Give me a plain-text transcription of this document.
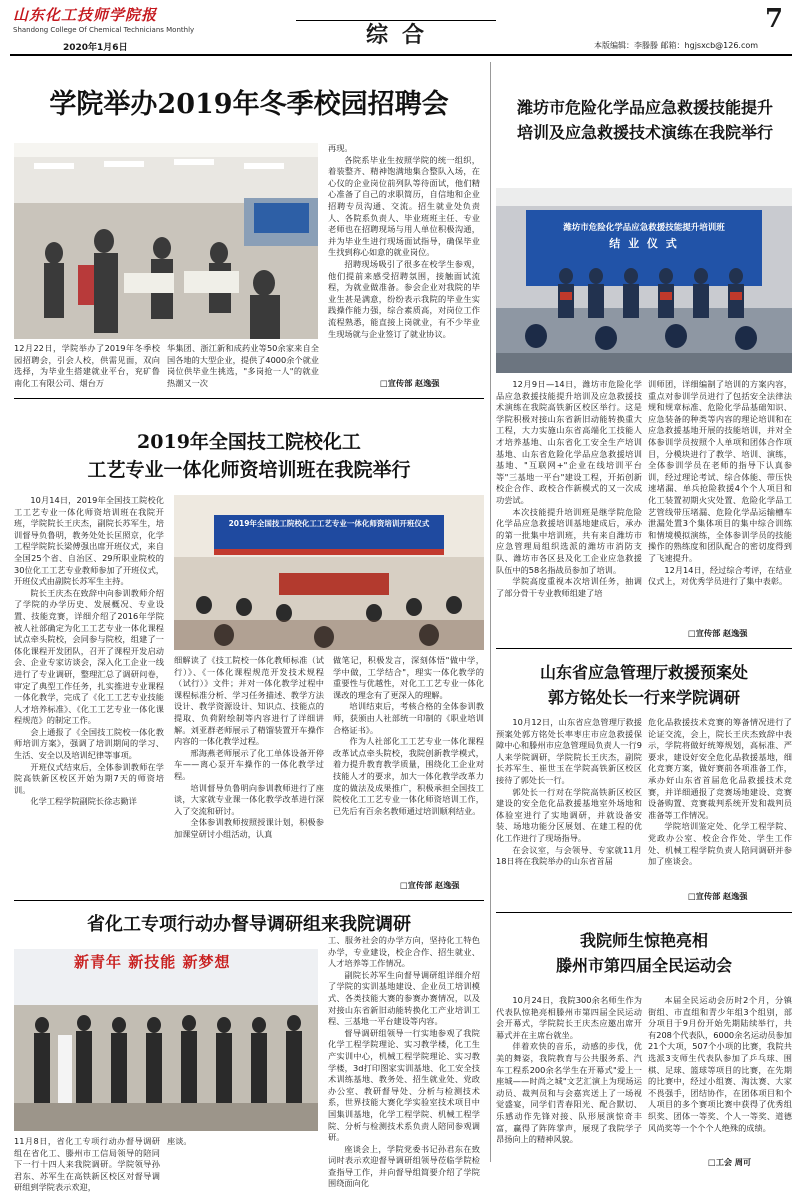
山东化工技师学院报
Shandong College Of Chemical Technicians Monthly
2020年1月6日	综合
7
本版编辑：李滕滕 邮箱：hgjsxcb@126.com
学院举办2019年冬季校园招聘会
12月22日，学院举办了2019年冬季校园招聘会，引会人校，供需见面，双向选择，为毕业生搭建就业平台，兖矿鲁南化工有限公司、烟台万

华集团、浙江新和成药业等50余家来自全国各地的大型企业，提供了4000余个就业岗位供毕业生挑选，"多岗抢一人"的就业热潮又一次

再现。

各院系毕业生按照学院的统一组织，着装整齐、精神饱满地集合整队入场，在心仪的企业岗位前列队等待面试，他们精心准备了自己的求职简历，自信地和企业招聘专员沟通、交流。招生就业处负责人、各院系负责人、毕业班班主任、专业老师也在招聘现场与用人单位积极沟通，并为毕业生进行现场面试指导，确保毕业生找到称心如意的就业岗位。

招聘现场吸引了很多在校学生参观，他们提前来感受招聘氛围，接触面试流程，为就业做准备。参会企业对我院的毕业生甚是满意，纷纷表示我院的毕业生实践操作能力强，综合素质高，对岗位工作流程熟悉，能直接上岗就业，有不少毕业生现场就与企业签订了就业协议。

□宣传部 赵逸强
2019年全国技工院校化工
工艺专业一体化师资培训班在我院举行

10月14日，2019年全国技工院校化工工艺专业一体化师资培训班在我院开班，学院院长王庆杰，副院长苏军生，培训督导负鲁明，教务处处长匡照京，化学工程学院院长梁傅强出席开班仪式，来自全国25个省、自治区、29所职业院校的30位化工工艺专业教师参加了开班仪式，开班仪式由副院长苏军生主持。

院长王庆杰在致辞中向参训教师介绍了学院的办学历史、发展概况、专业设置、技能竞赛，详细介绍了2016年学院被人社部确定为化工工艺专业一体化课程试点牵头院校，会同参与院校，组建了一体化课程开发团队，召开了课程开发启动会、企业专家访谈会，深入化工企业一线进行了专业调研，整理汇总了调研问卷，审定了典型工作任务，扎实推进专业课程一体化教学，完成了《化工工艺专业技能人才培养标准》、《化工工艺专业一体化课程规范》的制定工作。

会上通报了《全国技工院校一体化教师培训方案》，强调了培训期间的学习、生活、安全以及培训纪律等事项。

开班仪式结束后，全体参训教师在学院高铁新区校区开始为期7天的师资培训。

化学工程学院副院长徐志勤详

2019年全国技工院校化工工艺专业一体化师资培训开班仪式

细解读了《技工院校一体化教师标准（试行）》、《一体化课程规范开发技术规程（试行）》文件；并对一体化教学过程中课程标准分析、学习任务描述、教学方法设计、教学资源设计、知识点、技能点的提取、负荷附绘制等内容进行了详细讲解。刘亚群老师展示了精馏装置开车操作内容的一体化教学过程。

邢海燕老师展示了化工单体设备开停车——离心泵开车操作的一体化教学过程。

培训督导负鲁明向参训教师进行了座谈，大家就专业课一体化教学改革进行深入了交流和研讨。

全体参训教师按照授课计划，积极参加课堂研讨小组活动，认真

做笔记，积极发言，深刻体悟"做中学，学中做，工学结合"，理实一体化教学的重要性与优越性，对化工工艺专业一体化课改的理念有了更深入的理解。

培训结束后，考核合格的全体参训教师，获颁由人社部统一印制的《职业培训合格证书》。

作为人社部化工工艺专业一体化课程改革试点牵头院校，我院创新教学模式，着力提升教育教学质量，围绕化工企业对技能人才的要求，加大一体化教学改革力度的做法及成果推广，积极承担全国技工院校化工工艺专业一体化师资培训工作，已先后有百余名教师通过培训顺利结业。

□宣传部 赵逸强
省化工专项行动办督导调研组来我院调研
新青年 新技能 新梦想
11月8日，省化工专项行动办督导调研组在省化工、滕州市工信局领导的陪同下一行十四人来我院调研。学院领导孙君东、苏军生在高铁新区校区对督导调研组到学院表示欢迎，

座谈。

工、服务社会的办学方向，坚持化工特色办学，专业建设，校企合作、招生就业、人才培养等工作情况。

副院长苏军生向督导调研组详细介绍了学院的实训基地建设、企业员工培训模式、各类技能大赛的参赛办赛情况，以及对接山东省新旧动能转换化工产业培训工程、三基地一平台建设等内容。

督导调研组领导一行实地参观了我院化学工程学院理论、实习教学楼，化工生产实训中心，机械工程学院理论、实习教学楼，3d打印图家实训基地、化工安全技术训练基地、教务处、招生就业处、党政办公室、教研督导处、分析与检测技术系，世界技能大赛化学实验室技术项目中国集训基地，化学工程学院、机械工程学院、分析与检测技术系负责人陪同参观调研。

座谈会上，学院党委书记孙君东在致词时表示欢迎督导调研组领导莅临学院检查指导工作，并向督导组简要介绍了学院围绕面向化

潍坊市危险化学品应急救援技能提升
培训及应急救援技术演练在我院举行
潍坊市危险化学品应急救援技能提升培训班
结 业 仪 式

12月9日—14日，潍坊市危险化学品应急救援技能提升培训及应急救援技术演练在我院高铁新区校区举行。这是学院积极对接山东省新旧动能转换重大工程，大力实施山东省高端化工技能人才培养基地、山东省化工安全生产培训基地、山东省危险化学品应急救援培训基地、"互联网+"企业在线培训平台等"三基地一平台"建设工程，开拓创新校企合作、政校合作新模式的又一次成功尝试。

本次技能提升培训班是继学院危险化学品应急救援培训基地建成后，承办的第一批集中培训班，共有来自潍坊市应急管理局组织选派的潍坊市消防支队、潍坊市各区县及化工企业应急救援队伍中的58名指战员参加了培训。

学院高度重视本次培训任务，抽调了部分骨干专业教师组建了培

训师团，详细编制了培训的方案内容，重点对参训学员进行了包括安全法律法规和规章标准、危险化学品基础知识、应急装备的种类等内容的理论培训和在应急救援基地开展的技能培训，并对全体参训学员按照个人单项和团体合作项目，分模块进行了教学、培训、演练，全体参训学员在老师的指导下认真参训，经过理论考试、综合体能、带压快速堵漏、单兵抢险救援4个个人项目和化工装置初期火灾处置、危险化学品工艺管线带压堵漏、危险化学品运输槽车泄漏处置3个集体项目的集中综合训练和情境模拟演练，全体参训学员的技能操作的熟练度和团队配合的密切度得到了飞速提升。

12月14日，经过综合考评，在结业仪式上，对优秀学员进行了集中表彰。

□宣传部 赵逸强
山东省应急管理厅救援预案处
郭方铭处长一行来学院调研

10月12日，山东省应急管理厅救援预案处郭方铭处长率枣庄市应急救援保障中心和滕州市应急管理局负责人一行9人来学院调研，学院院长王庆杰，副院长苏军生、崔世玉在学院高铁新区校区接待了郭处长一行。

郭处长一行对在学院高铁新区校区建设的安全危化品救援基地室外场地和体验室进行了实地调研，并就设备安装、场地功能分区展划、在建工程的优化工作进行了现场指导。

在会议室，与会领导、专家就11月18日将在我院举办的山东省首届

危化品救援技术竞赛的筹备情况进行了论证交流，会上，院长王庆杰致辞中表示，学院将做好统筹规划，高标准、严要求，建设好安全危化品救援基地，细化竞赛方案，做好赛前各项准备工作，承办好山东省首届危化品救援技术竞赛，并详细通报了竞赛场地建设、竞赛设备购置、竞赛裁判系统开发和裁判员准备等工作情况。

学院培训鉴定处、化学工程学院、党政办公室、校企合作处、学生工作处、机械工程学院负责人陪同调研并参加了座谈会。

□宣传部 赵逸强
我院师生惊艳亮相
滕州市第四届全民运动会

10月24日，我院300余名师生作为代表队惊艳亮相滕州市第四届全民运动会开幕式，学院院长王庆杰应邀出席开幕式并在主席台就坐。

伴着欢快的音乐，动感的步伐，优美的舞姿，我院教育与公共服务系、汽车工程系200余名学生在开幕式"爱上一座城——时尚之城"文艺汇演上为现场运动员、裁判员和与会嘉宾送上了一场视觉盛宴，同学们青春阳光、配合默切、乐感动作先锋对接、队形展演惊奇丰富，赢得了阵阵掌声，展现了我院学子昂扬向上的精神风貌。

本届全民运动会历时2个月，分镇街组、市直组和青少年组3个组别，部分项目于9月份开始先期陆续举行，共有208个代表队，6000余名运动员参加21个大项，507个小项的比赛，我院共选派3支师生代表队参加了乒乓球、围棋、足球、篮球等项目的比赛，在先期的比赛中，经过小组赛、淘汰赛、大家不畏强手，团结协作，在团体项目和个人项目的多个赛项比赛中获得了优秀组织奖、团体一等奖、个人一等奖、道德风尚奖等一个个个人绝殊的成绩。

□工会 周可
